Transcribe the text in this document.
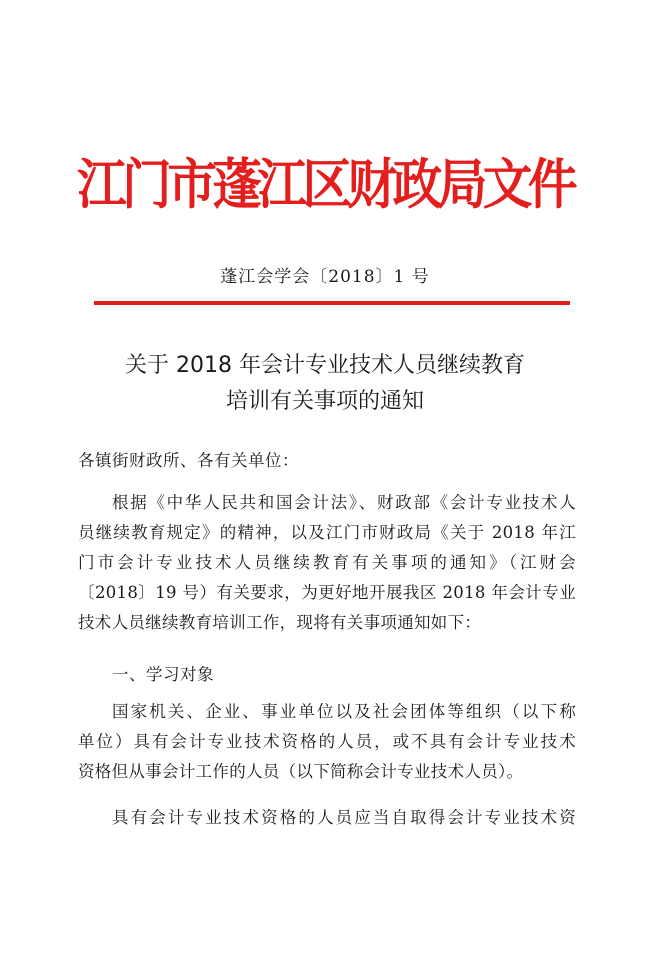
江门市蓬江区财政局文件
蓬江会学会〔2018〕1 号
关于 2018 年会计专业技术人员继续教育
培训有关事项的通知
各镇街财政所、各有关单位：
根据《中华人民共和国会计法》、财政部《会计专业技术人
员继续教育规定》的精神，以及江门市财政局《关于 2018 年江
门市会计专业技术人员继续教育有关事项的通知》（江财会
〔2018〕19 号）有关要求，为更好地开展我区 2018 年会计专业
技术人员继续教育培训工作，现将有关事项通知如下：
一、学习对象
国家机关、企业、事业单位以及社会团体等组织（以下称
单位）具有会计专业技术资格的人员，或不具有会计专业技术
资格但从事会计工作的人员（以下简称会计专业技术人员）。
具有会计专业技术资格的人员应当自取得会计专业技术资
